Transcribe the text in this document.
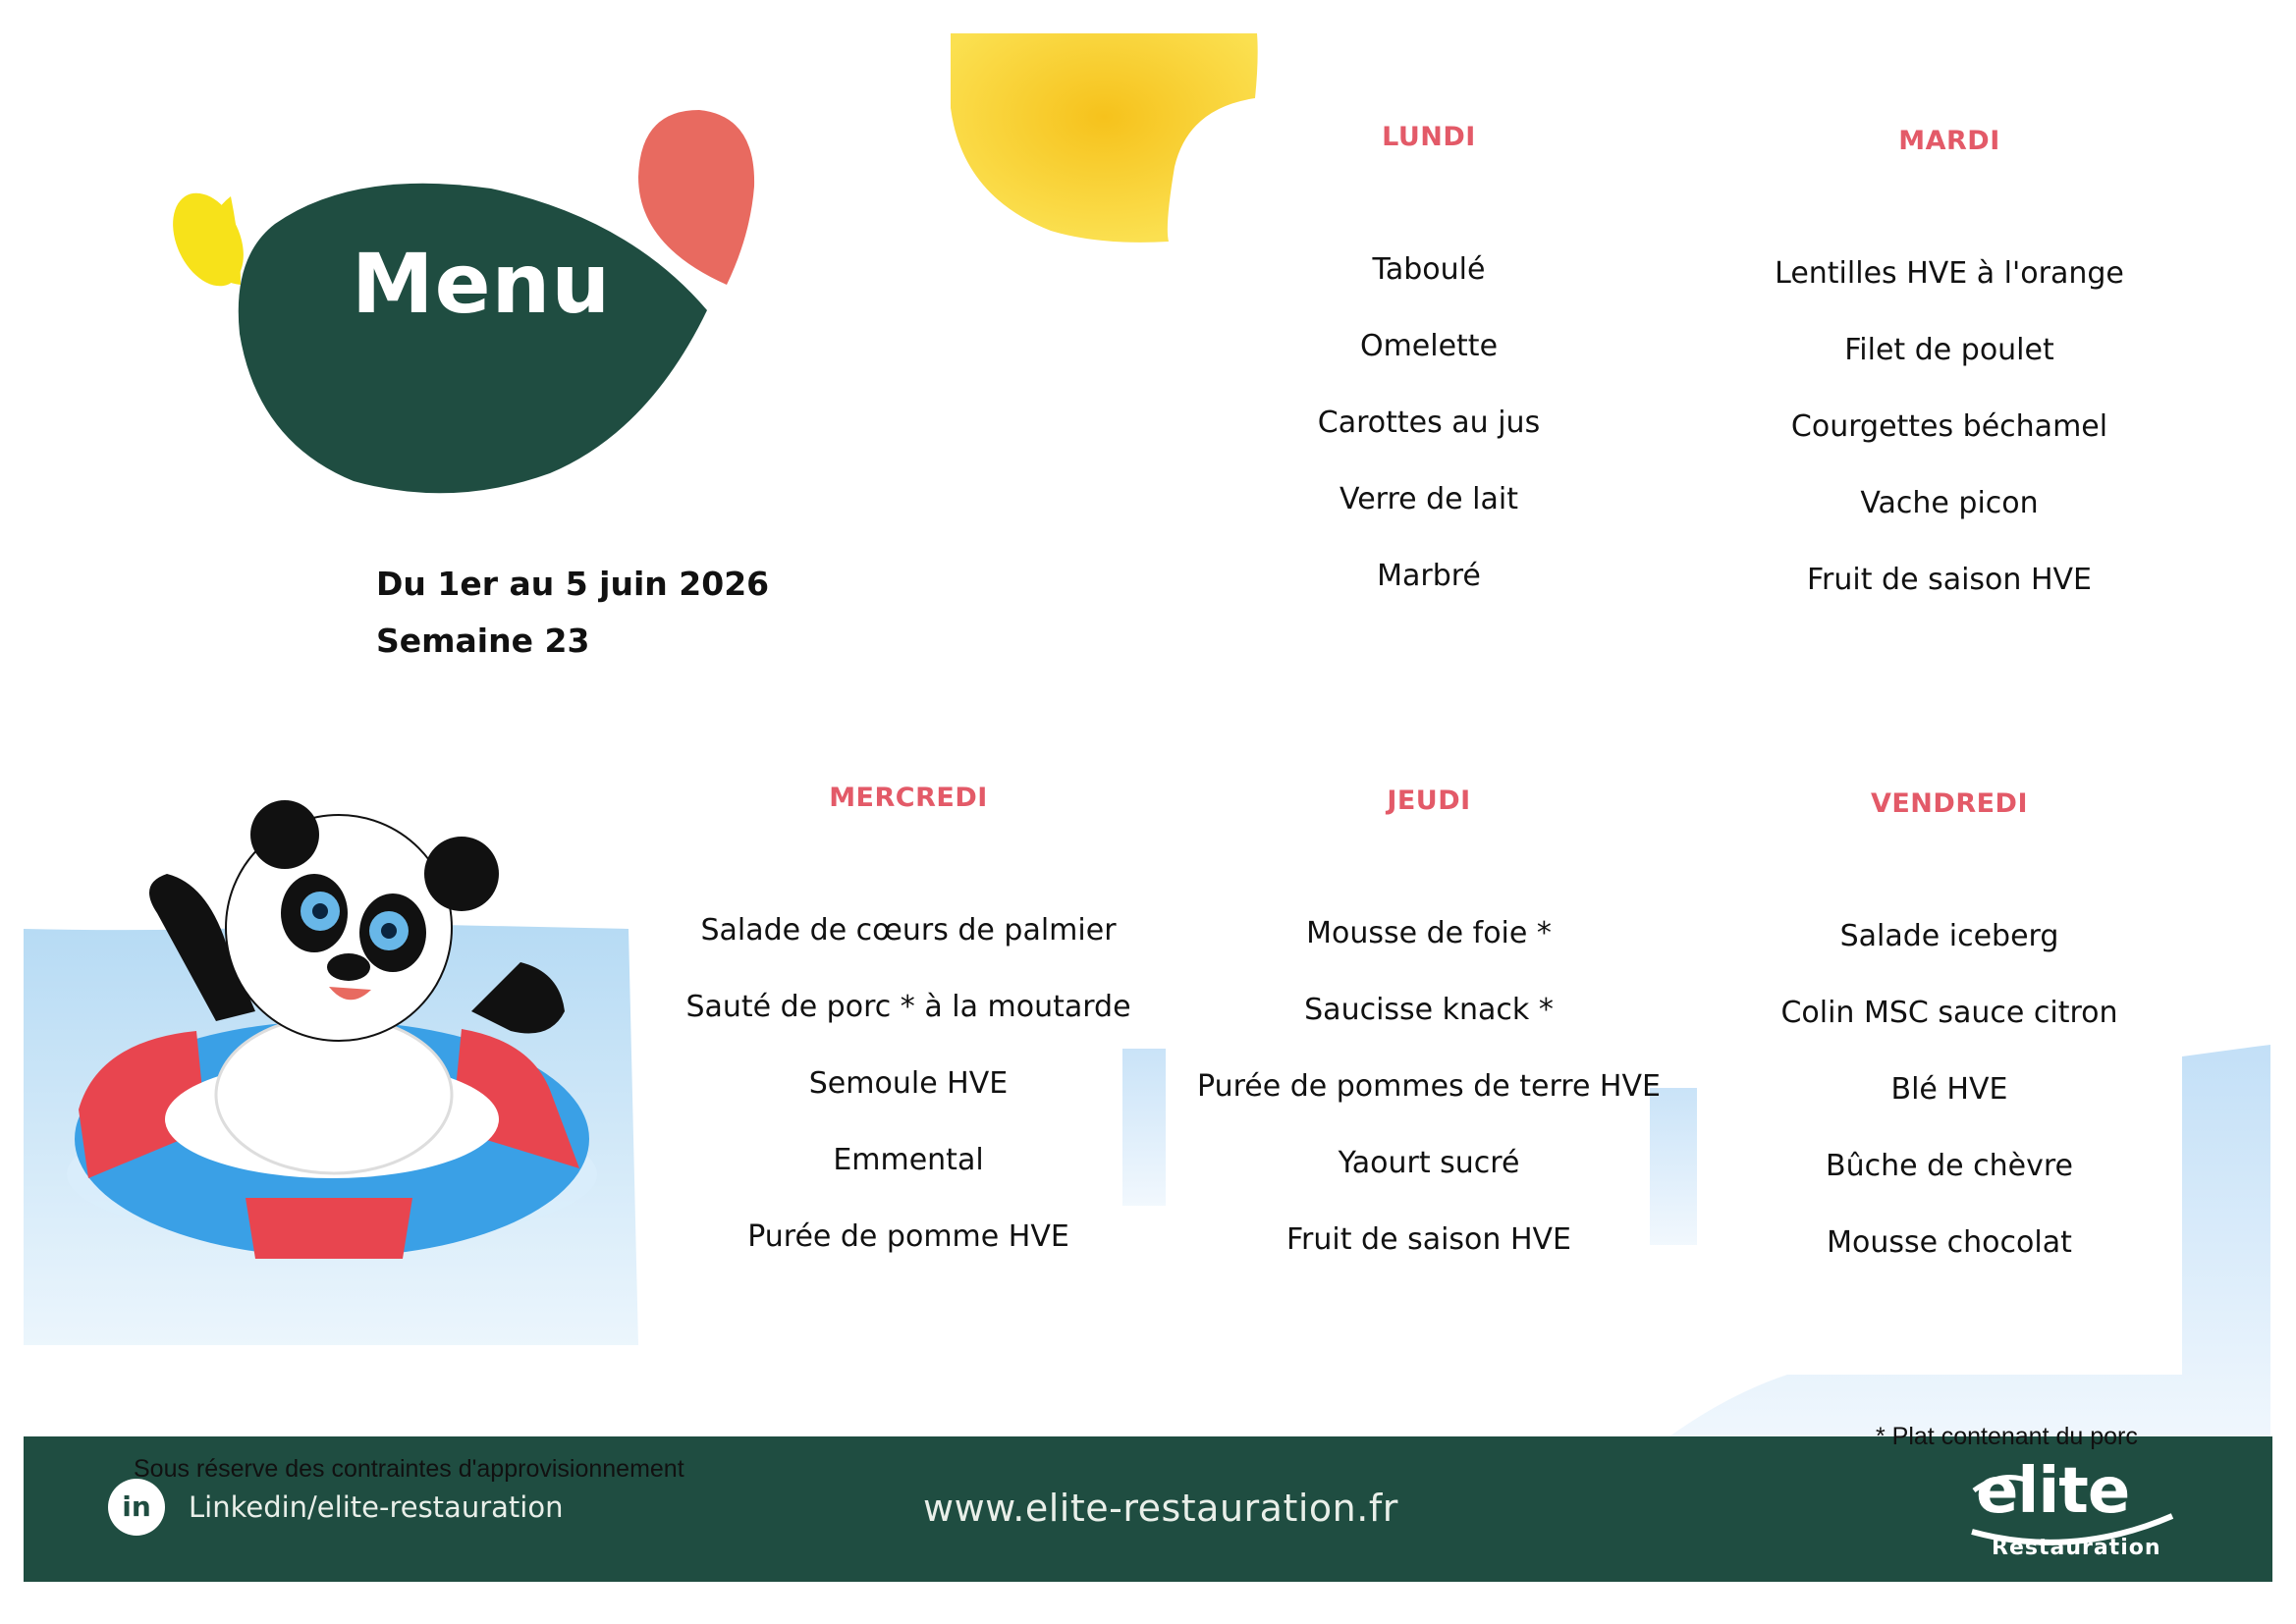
Menu
Du 1er au 5 juin 2026
Semaine 23
LUNDI
Taboulé
Omelette
Carottes au jus
Verre de lait
Marbré
MARDI
Lentilles HVE à l'orange
Filet de poulet
Courgettes béchamel
Vache picon
Fruit de saison HVE
MERCREDI
Salade de cœurs de palmier
Sauté de porc * à la moutarde
Semoule HVE
Emmental
Purée de pomme HVE
JEUDI
Mousse de foie *
Saucisse knack *
Purée de pommes de terre HVE
Yaourt sucré
Fruit de saison HVE
VENDREDI
Salade iceberg
Colin MSC sauce citron
Blé HVE
Bûche de chèvre
Mousse chocolat
* Plat contenant du porc
Sous réserve des contraintes d'approvisionnement
in	Linkedin/elite-restauration	www.elite-restauration.fr	elite
Restauration
